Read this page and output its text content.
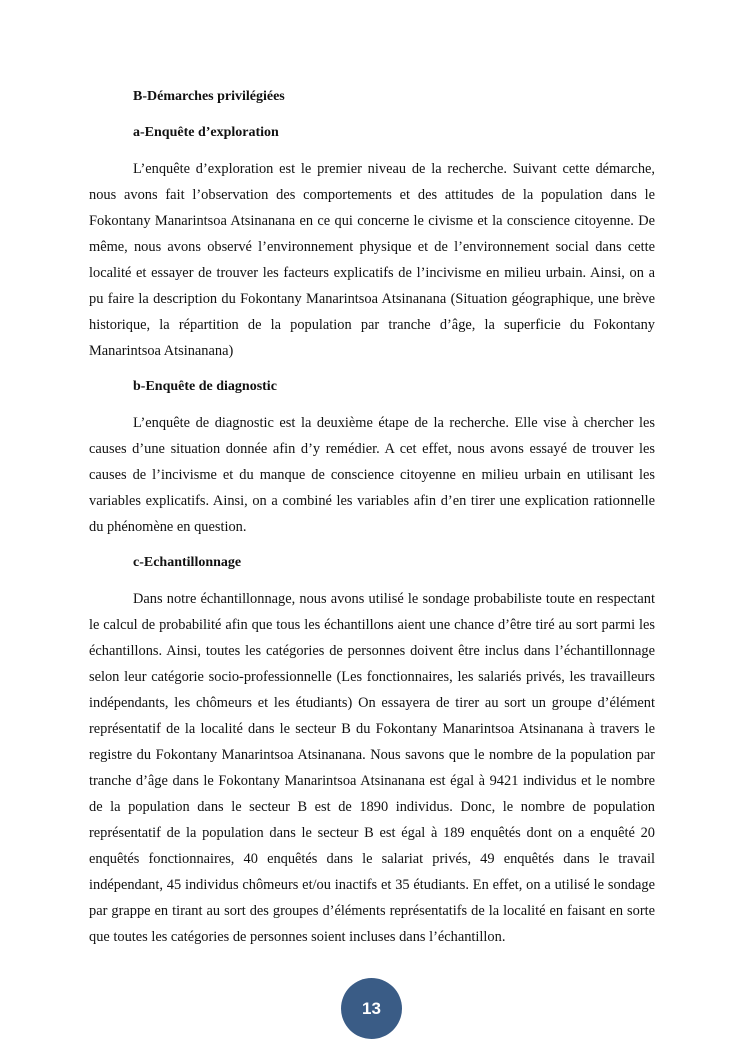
B-Démarches privilégiées
a-Enquête d’exploration

L’enquête d’exploration est le premier niveau de la recherche. Suivant cette démarche, nous avons fait l’observation des comportements et des attitudes de la population dans le Fokontany Manarintsoa Atsinanana en ce qui concerne le civisme et la conscience citoyenne. De même, nous avons observé l’environnement physique et de l’environnement social dans cette localité et essayer de trouver les facteurs explicatifs de l’incivisme en milieu urbain. Ainsi, on a pu faire la description du Fokontany Manarintsoa Atsinanana (Situation géographique, une brève historique, la répartition de la population par tranche d’âge, la superficie du Fokontany Manarintsoa Atsinanana)

b-Enquête de diagnostic

L’enquête de diagnostic est la deuxième étape de la recherche. Elle vise à chercher les causes d’une situation donnée afin d’y remédier. A cet effet, nous avons essayé de trouver les causes de l’incivisme et du manque de conscience citoyenne en milieu urbain en utilisant les variables explicatifs. Ainsi, on a combiné les variables afin d’en tirer une explication rationnelle du phénomène en question.

c-Echantillonnage

Dans notre échantillonnage, nous avons utilisé le sondage probabiliste toute en respectant le calcul de probabilité afin que tous les échantillons aient une chance d’être tiré au sort parmi les échantillons. Ainsi, toutes les catégories de personnes doivent être inclus dans l’échantillonnage selon leur catégorie socio-professionnelle (Les fonctionnaires, les salariés privés, les travailleurs indépendants, les chômeurs et les étudiants) On essayera de tirer au sort un groupe d’élément représentatif de la localité dans le secteur B du Fokontany Manarintsoa Atsinanana à travers le registre du Fokontany Manarintsoa Atsinanana. Nous savons que le nombre de la population par tranche d’âge dans le Fokontany Manarintsoa Atsinanana est égal à 9421 individus et le nombre de la population dans le secteur B est de 1890 individus. Donc, le nombre de population représentatif de la population dans le secteur B est égal à 189 enquêtés dont on a enquêté 20 enquêtés fonctionnaires, 40 enquêtés dans le salariat privés, 49 enquêtés dans le travail indépendant, 45 individus chômeurs et/ou inactifs et 35 étudiants. En effet, on a utilisé le sondage par grappe en tirant au sort des groupes d’éléments représentatifs de la localité en faisant en sorte que toutes les catégories de personnes soient incluses dans l’échantillon.

13
